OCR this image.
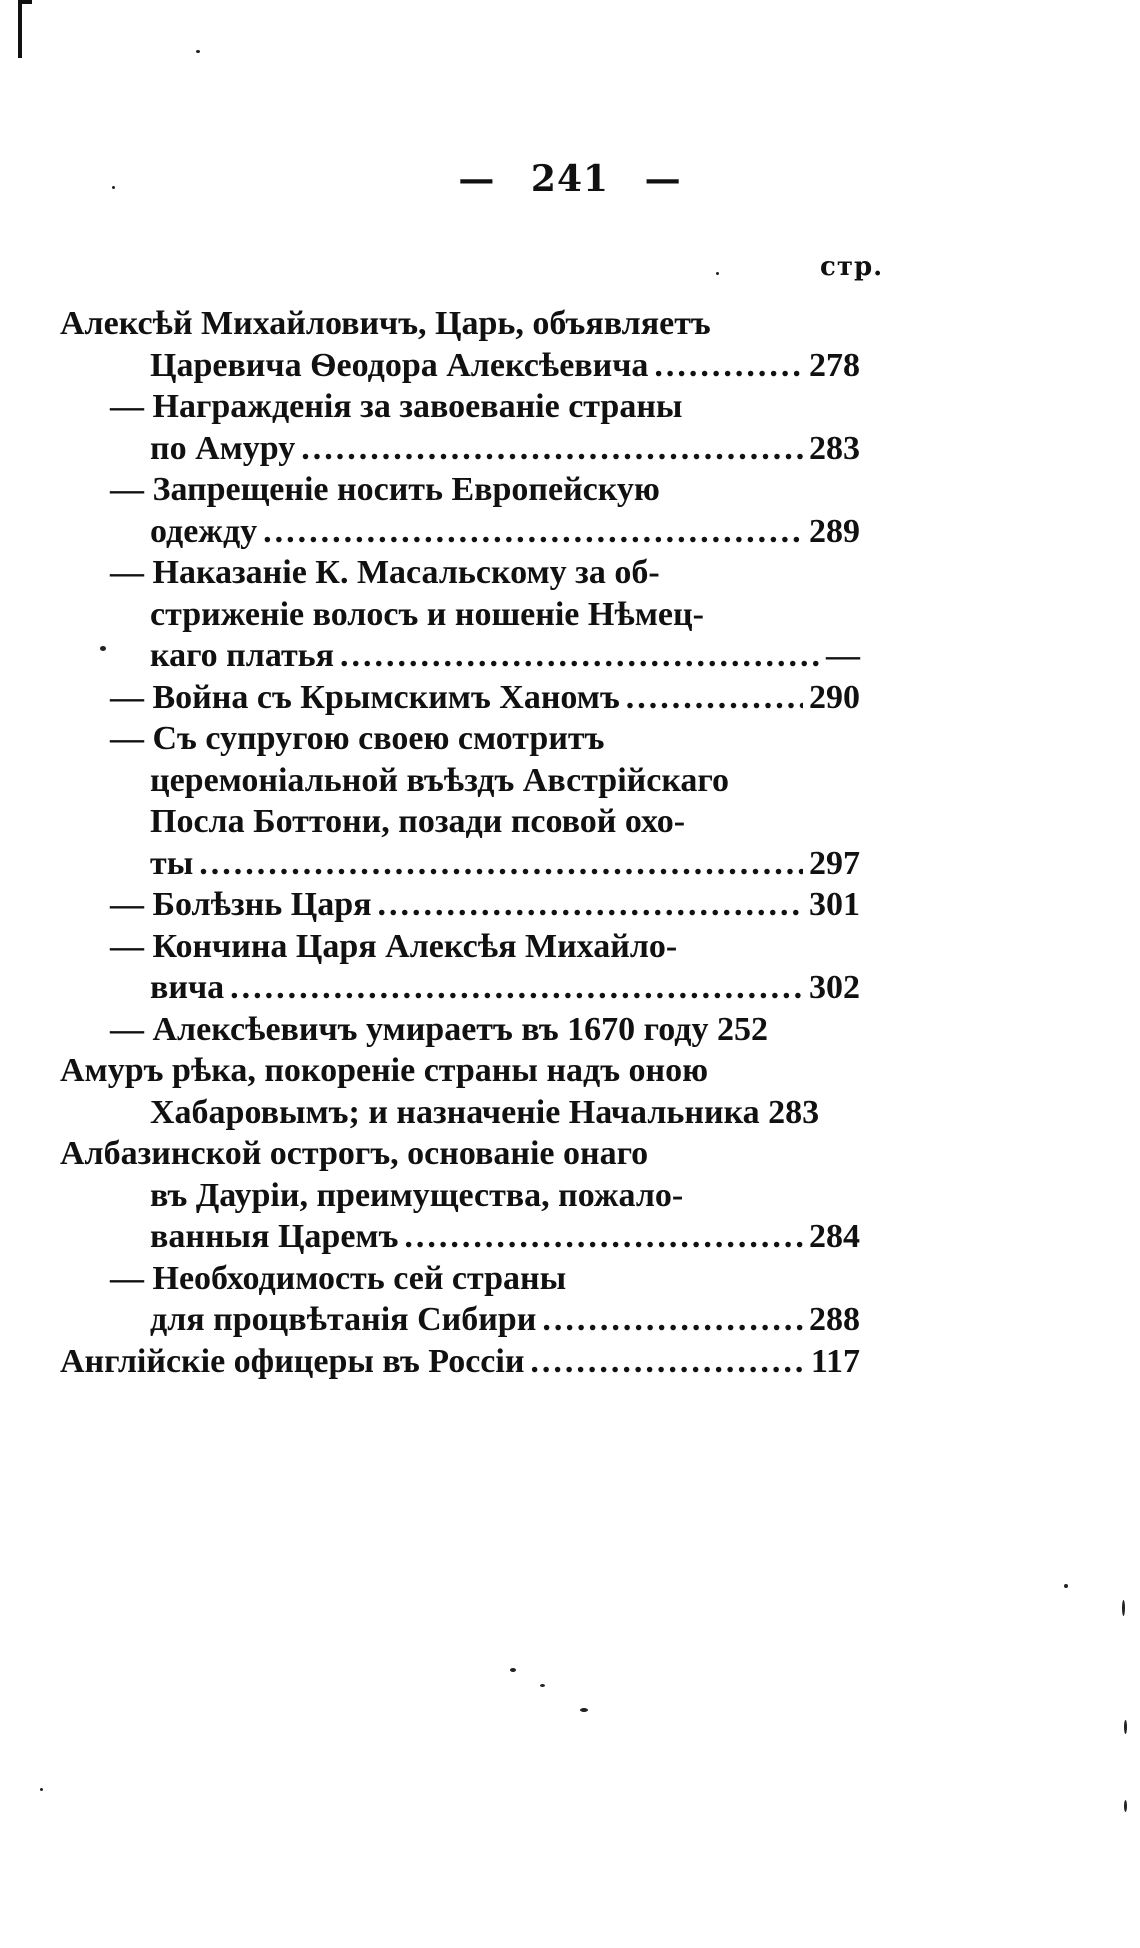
— 241 —
стр.
Алексѣй Михайловичъ, Царь, объявляетъ
Царевича Ѳеодора Алексѣевича .....	278
— Награжденія за завоеваніе страны
по Амуру .....	283
— Запрещеніе носить Европейскую
одежду .....	289
— Наказаніе К. Масальскому за об-
стриженіе волосъ и ношеніе Нѣмец-
каго платья .....	—
— Война съ Крымскимъ Ханомъ .....	290
— Съ супругою своею смотритъ
церемоніальной въѣздъ Австрійскаго
Посла Боттони, позади псовой охо-
ты .....	297
— Болѣзнь Царя .....	301
— Кончина Царя Алексѣя Михайло-
вича .....	302
— Алексѣевичъ умираетъ въ 1670 году 252
Амуръ рѣка, покореніе страны надъ оною
Хабаровымъ; и назначеніе Начальника 283
Албазинской острогъ, основаніе онаго
въ Дауріи, преимущества, пожало-
ванныя Царемъ .....	284
— Необходимость сей страны
для процвѣтанія Сибири .....	288
Англійскіе офицеры въ Россіи .....	117
